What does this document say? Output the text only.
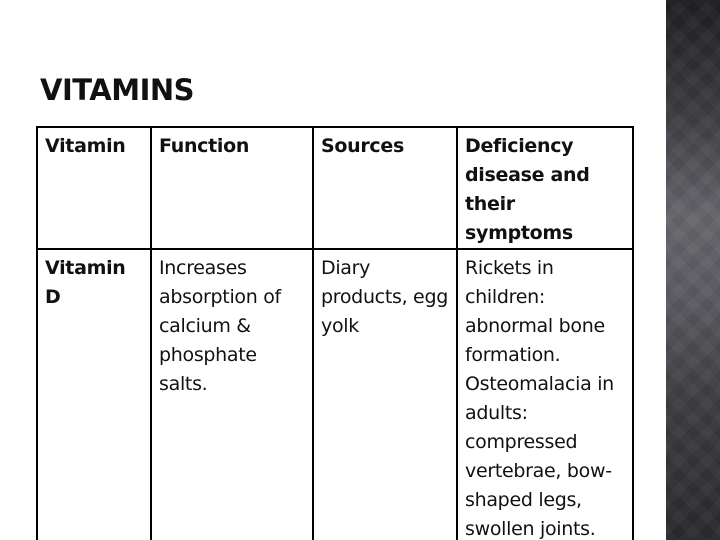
VITAMINS
Vitamin	Function	Sources	Deficiency disease and their symptoms

Vitamin D	Increases absorption of calcium & phosphate salts.	Diary products, egg yolk	Rickets in children: abnormal bone formation. Osteomalacia in adults: compressed vertebrae, bow-shaped legs, swollen joints.
